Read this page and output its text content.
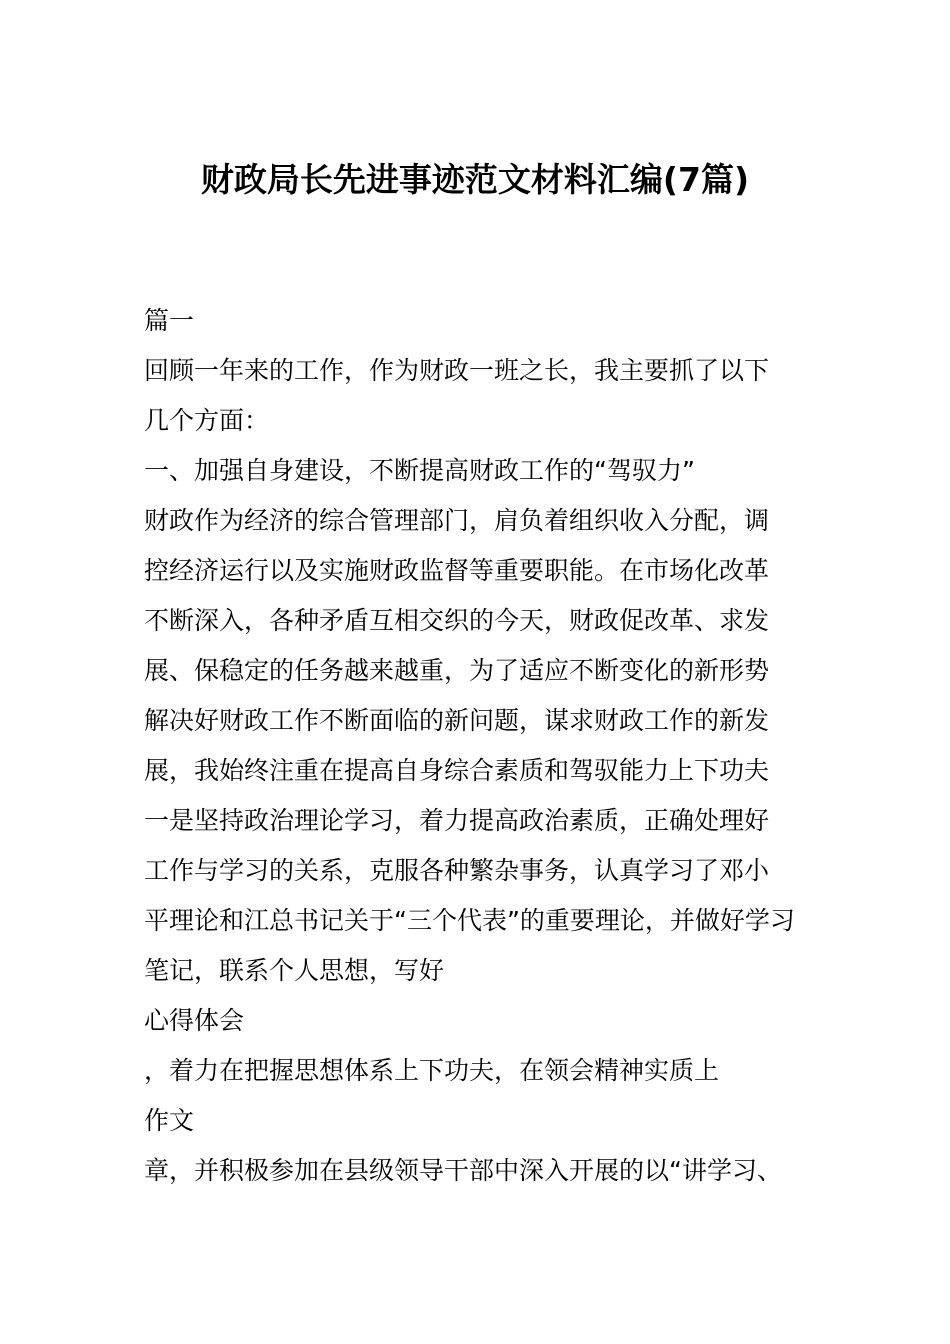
财政局长先进事迹范文材料汇编(7篇)
篇一
回顾一年来的工作，作为财政一班之长，我主要抓了以下
几个方面：
一、加强自身建设，不断提高财政工作的“驾驭力”
财政作为经济的综合管理部门，肩负着组织收入分配，调
控经济运行以及实施财政监督等重要职能。在市场化改革
不断深入，各种矛盾互相交织的今天，财政促改革、求发
展、保稳定的任务越来越重，为了适应不断变化的新形势
解决好财政工作不断面临的新问题，谋求财政工作的新发
展，我始终注重在提高自身综合素质和驾驭能力上下功夫
一是坚持政治理论学习，着力提高政治素质，正确处理好
工作与学习的关系，克服各种繁杂事务，认真学习了邓小
平理论和江总书记关于“三个代表”的重要理论，并做好学习
笔记，联系个人思想，写好
心得体会
，着力在把握思想体系上下功夫，在领会精神实质上
作文
章，并积极参加在县级领导干部中深入开展的以“讲学习、
